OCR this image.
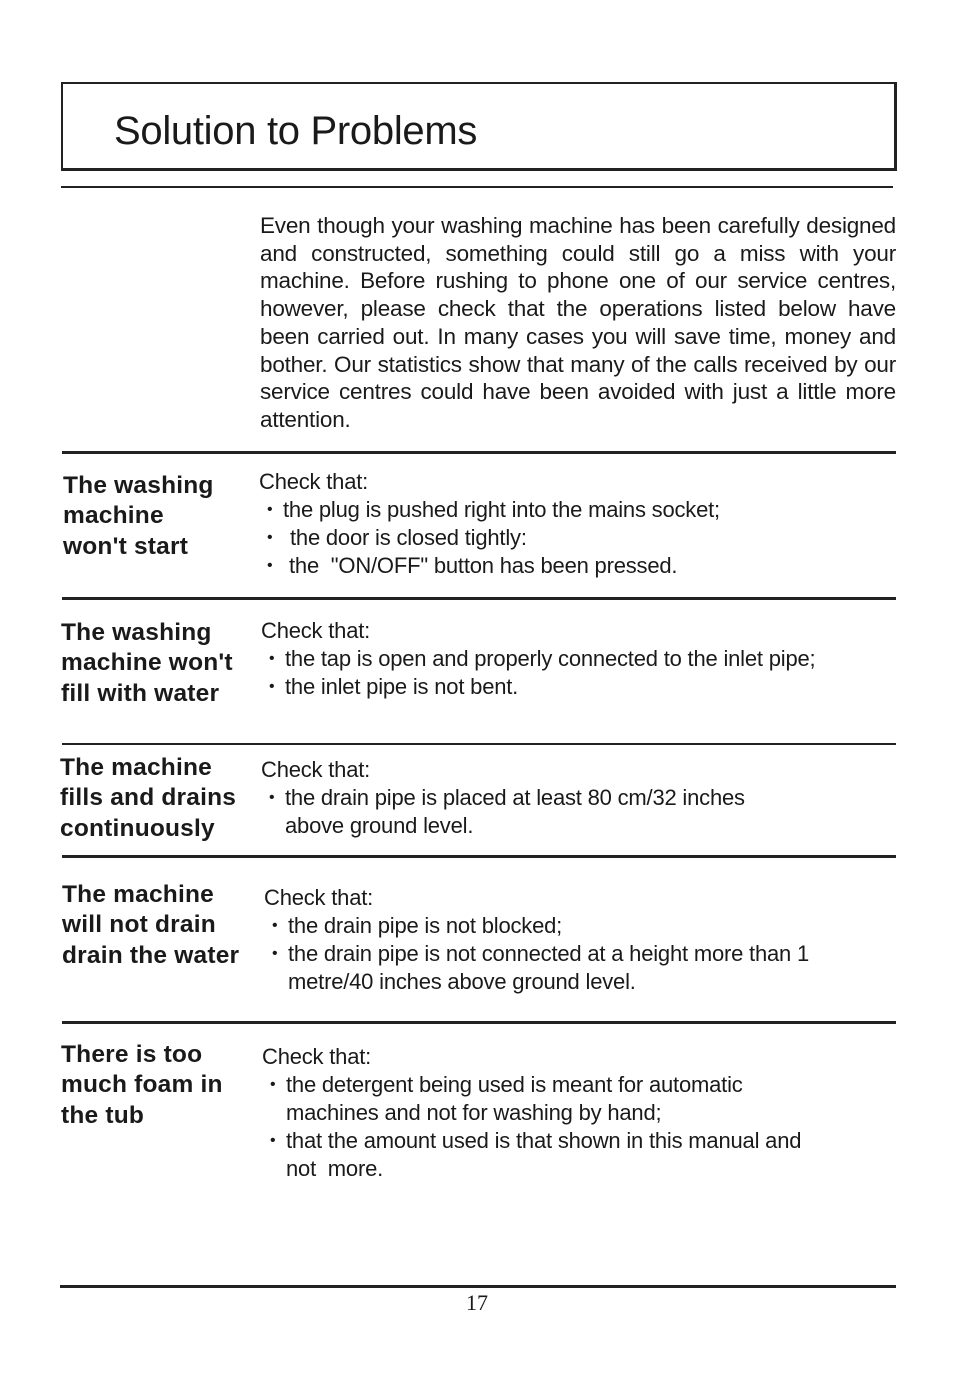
Solution to Problems
Even though your washing machine has been carefully designed and constructed, something could still go a miss with your machine. Before rushing to phone one of our service centres, however, please check that the operations listed below have been carried out. In many cases you will save time, money and bother. Our statistics show that many of the calls received by our service centres could have been avoided with just a little more attention.
The washing
machine
won't start
Check that:
• the plug is pushed right into the mains socket;
• the door is closed tightly:
• the  "ON/OFF" button has been pressed.
The washing
machine won't
fill with water
Check that:
• the tap is open and properly connected to the inlet pipe;
• the inlet pipe is not bent.
The machine
fills and drains
continuously
Check that:
• the drain pipe is placed at least 80 cm/32 inches above ground level.
The machine
will not drain
drain the water
Check that:
• the drain pipe is not blocked;
• the drain pipe is not connected at a height more than 1  metre/40 inches above ground level.
There is too
much foam in
the tub
Check that:
• the detergent being used is meant for automatic machines and not for washing by hand;
• that the amount used is that shown in this manual and  not  more.
17
